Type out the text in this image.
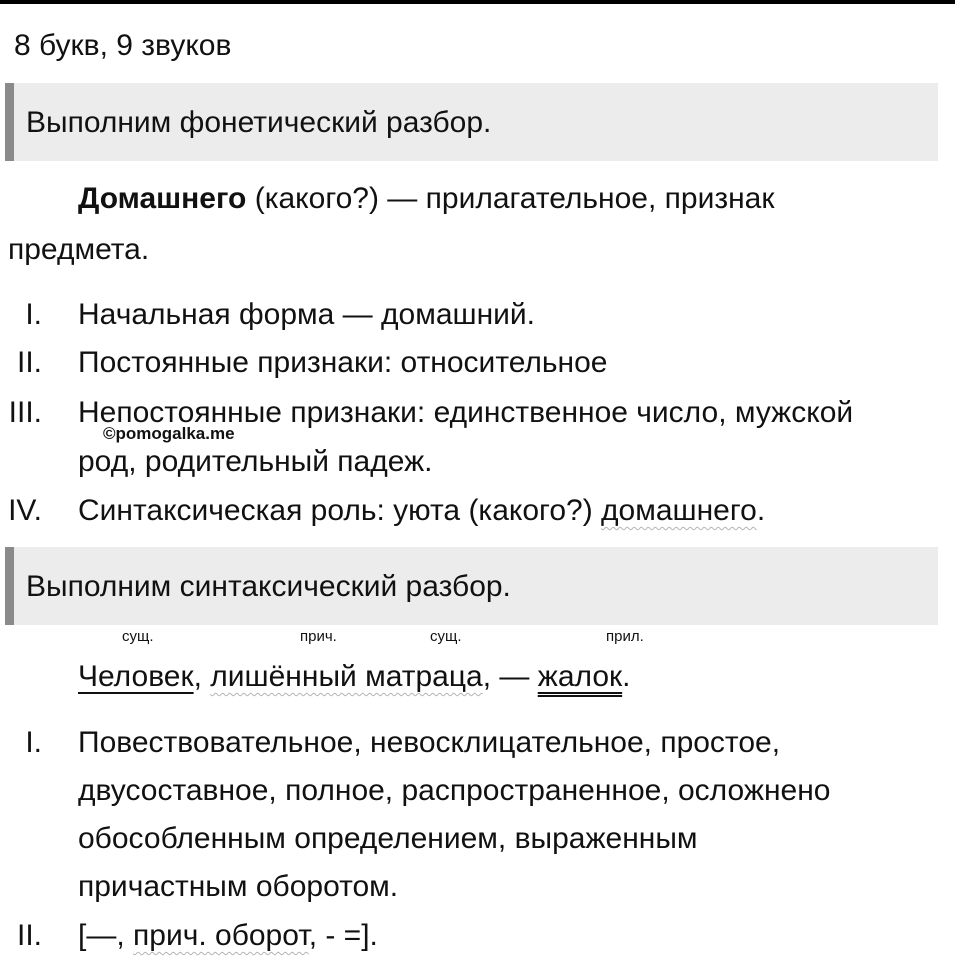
8 букв, 9 звуков
Выполним фонетический разбор.
Домашнего (какого?) — прилагательное, признак
предмета.
I. Начальная форма — домашний.
II. Постоянные признаки: относительное
III. Непостоянные признаки: единственное число, мужской
©pomogalka.me
род, родительный падеж.
IV. Синтаксическая роль: уюта (какого?) домашнего.
Выполним синтаксический разбор.
сущ.	прич.	сущ.	прил.
Человек, лишённый матраца, — жалок.
I. Повествовательное, невосклицательное, простое,
двусоставное, полное, распространенное, осложнено
обособленным определением, выраженным
причастным оборотом.
II. [—, прич. оборот, - =].
